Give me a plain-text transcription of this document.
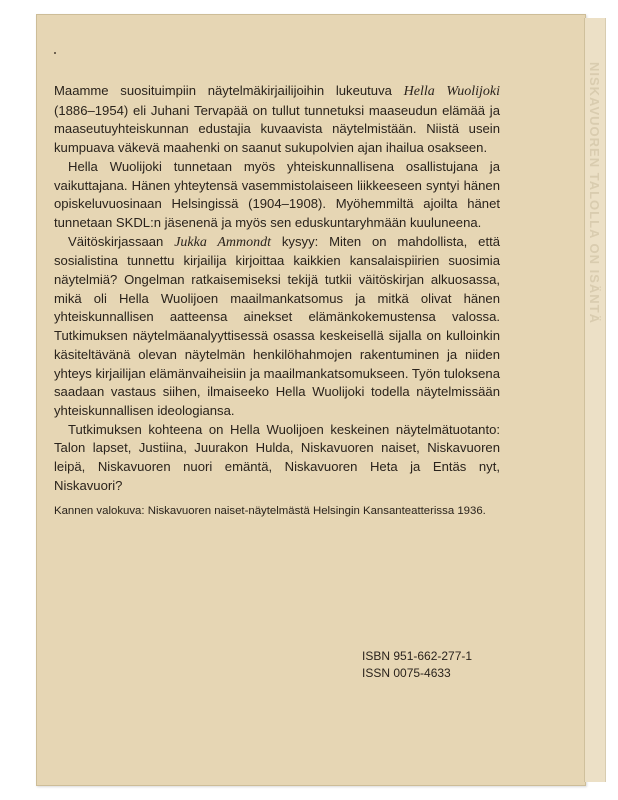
NISKAVUOREN TALOLLA ON ISÄNTÄ

Maamme suosituimpiin näytelmäkirjailijoihin lukeutuva Hella Wuolijoki (1886–1954) eli Juhani Tervapää on tullut tunnetuksi maaseudun elämää ja maaseutuyhteiskunnan edustajia kuvaavista näytelmistään. Niistä usein kumpuava väkevä maahenki on saanut sukupolvien ajan ihailua osakseen.

Hella Wuolijoki tunnetaan myös yhteiskunnallisena osallistujana ja vaikuttajana. Hänen yhteytensä vasemmistolaiseen liikkeeseen syntyi hänen opiskeluvuosinaan Helsingissä (1904–1908). Myöhemmiltä ajoilta hänet tunnetaan SKDL:n jäsenenä ja myös sen eduskuntaryhmään kuuluneena.

Väitöskirjassaan Jukka Ammondt kysyy: Miten on mahdollista, että sosialistina tunnettu kirjailija kirjoittaa kaikkien kansalaispiirien suosimia näytelmiä? Ongelman ratkaisemiseksi tekijä tutkii väitöskirjan alkuosassa, mikä oli Hella Wuolijoen maailmankatsomus ja mitkä olivat hänen yhteiskunnallisen aatteensa ainekset elämänkokemustensa valossa. Tutkimuksen näytelmäanalyyttisessä osassa keskeisellä sijalla on kulloinkin käsiteltävänä olevan näytelmän henkilöhahmojen rakentuminen ja niiden yhteys kirjailijan elämänvaiheisiin ja maailmankatsomukseen. Työn tuloksena saadaan vastaus siihen, ilmaiseeko Hella Wuolijoki todella näytelmissään yhteiskunnallisen ideologiansa.

Tutkimuksen kohteena on Hella Wuolijoen keskeinen näytelmätuotanto: Talon lapset, Justiina, Juurakon Hulda, Niskavuoren naiset, Niskavuoren leipä, Niskavuoren nuori emäntä, Niskavuoren Heta ja Entäs nyt, Niskavuori?

Kannen valokuva: Niskavuoren naiset-näytelmästä Helsingin Kansanteatterissa 1936.
ISBN 951-662-277-1
ISSN 0075-4633
